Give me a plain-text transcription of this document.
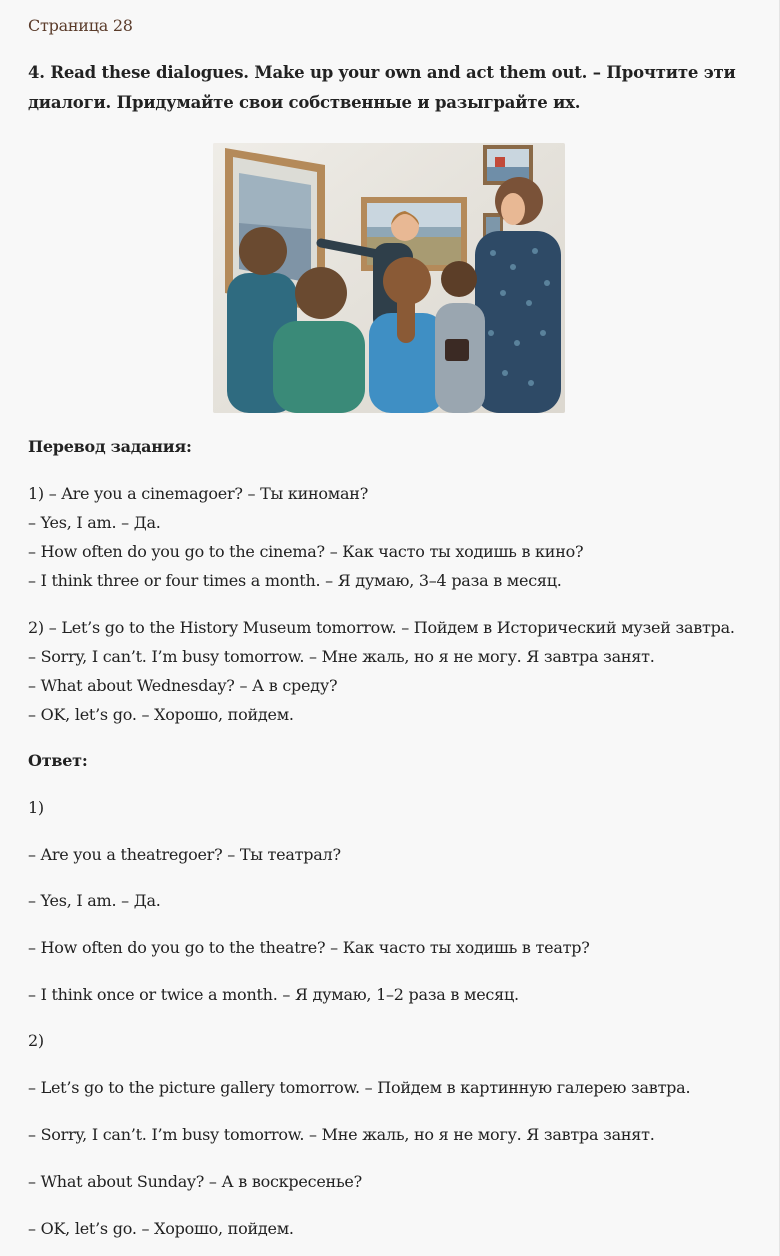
Страница 28
4. Read these dialogues. Make up your own and act them out. – Прочтите эти диалоги. Придумайте свои собственные и разыграйте их.
Перевод задания:
1) – Are you a cinemagoer? – Ты киноман?
– Yes, I am. – Да.
– How often do you go to the cinema? – Как часто ты ходишь в кино?
– I think three or four times a month. – Я думаю, 3–4 раза в месяц.
2) – Let’s go to the History Museum tomorrow. – Пойдем в Исторический музей завтра.
– Sorry, I can’t. I’m busy tomorrow. – Мне жаль, но я не могу. Я завтра занят.
– What about Wednesday? – А в среду?
– OK, let’s go. – Хорошо, пойдем.
Ответ:
1)
– Are you a theatregoer? – Ты театрал?
– Yes, I am. – Да.
– How often do you go to the theatre? – Как часто ты ходишь в театр?
– I think once or twice a month. – Я думаю, 1–2 раза в месяц.
2)
– Let’s go to the picture gallery tomorrow. – Пойдем в картинную галерею завтра.
– Sorry, I can’t. I’m busy tomorrow. – Мне жаль, но я не могу. Я завтра занят.
– What about Sunday? – А в воскресенье?
– OK, let’s go. – Хорошо, пойдем.
